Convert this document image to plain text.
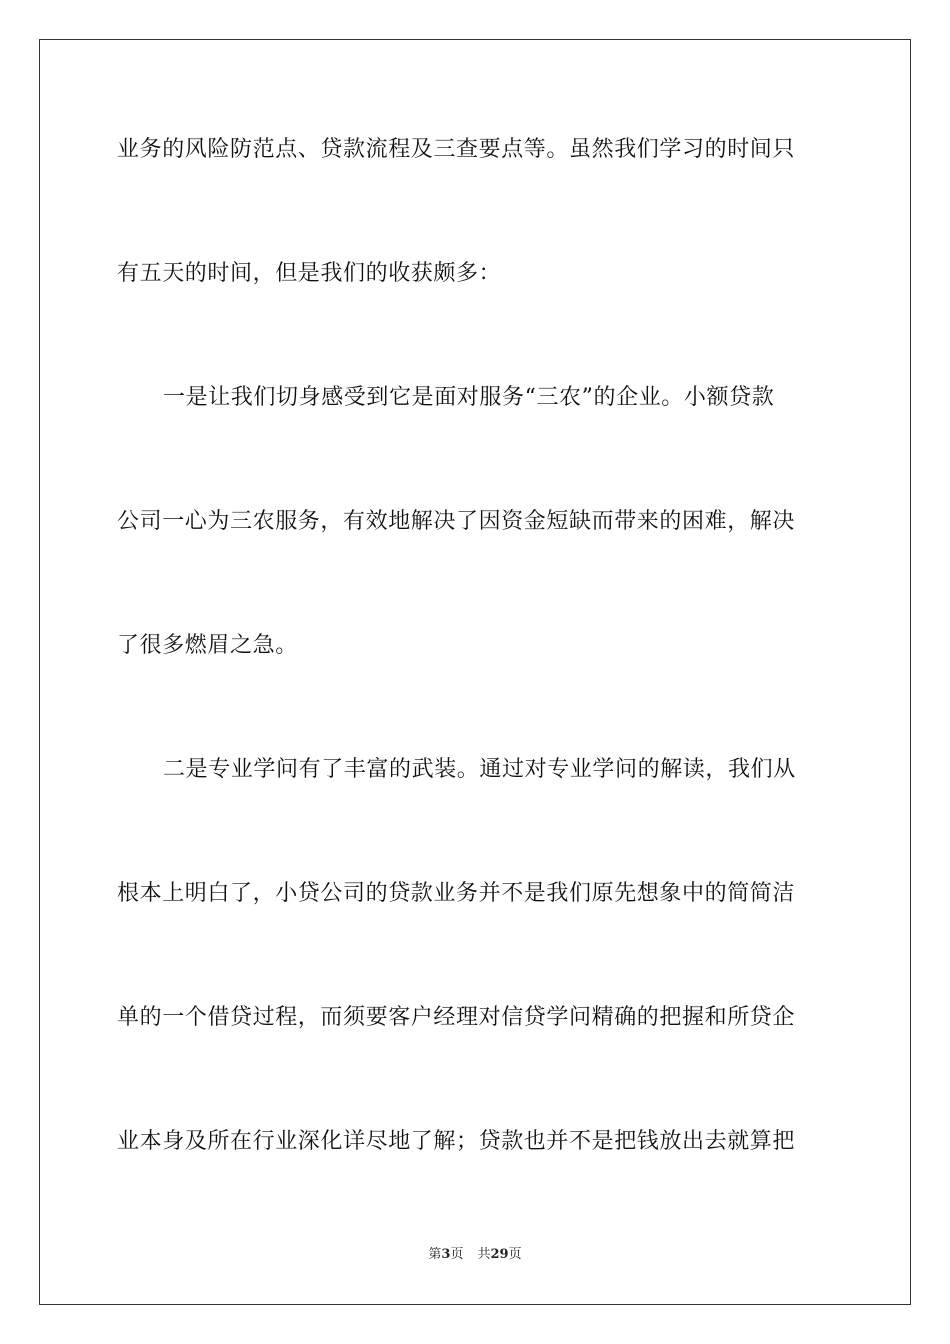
业务的风险防范点、贷款流程及三查要点等。虽然我们学习的时间只
有五天的时间，但是我们的收获颇多：
一是让我们切身感受到它是面对服务“三农”的企业。小额贷款
公司一心为三农服务，有效地解决了因资金短缺而带来的困难，解决
了很多燃眉之急。
二是专业学问有了丰富的武装。通过对专业学问的解读，我们从
根本上明白了，小贷公司的贷款业务并不是我们原先想象中的简简洁
单的一个借贷过程，而须要客户经理对信贷学问精确的把握和所贷企
业本身及所在行业深化详尽地了解；贷款也并不是把钱放出去就算把
第3页 共29页
